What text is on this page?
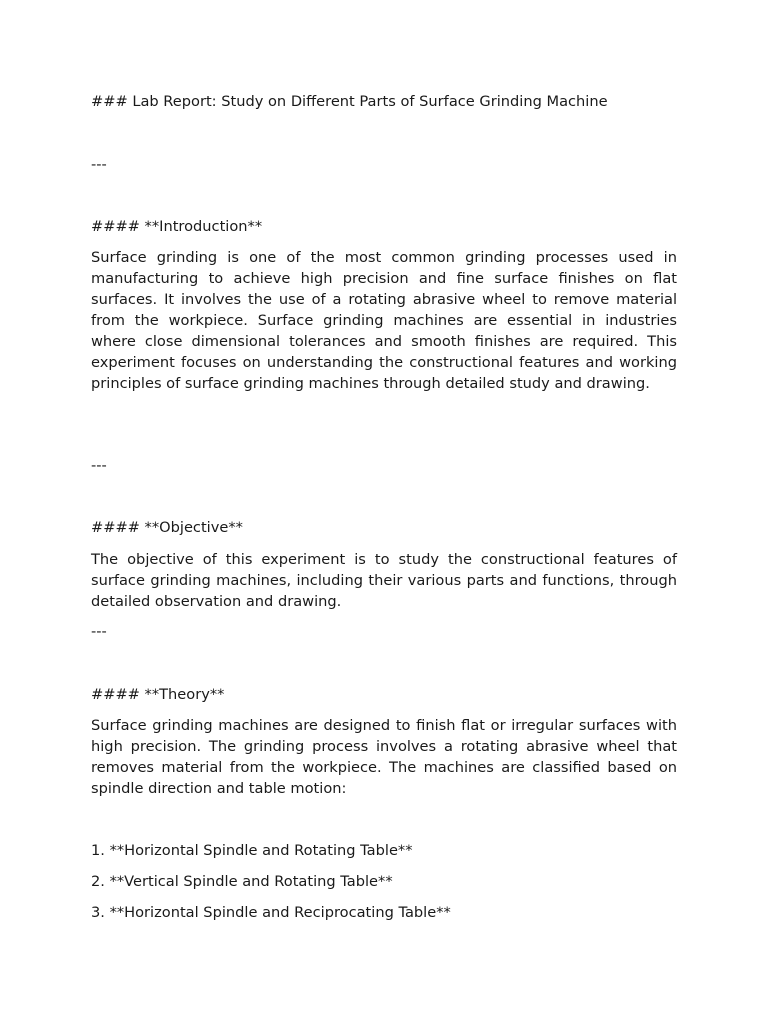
### Lab Report: Study on Different Parts of Surface Grinding Machine

---

#### **Introduction**

Surface grinding is one of the most common grinding processes used in manufacturing to achieve high precision and fine surface finishes on flat surfaces. It involves the use of a rotating abrasive wheel to remove material from the workpiece. Surface grinding machines are essential in industries where close dimensional tolerances and smooth finishes are required. This experiment focuses on understanding the constructional features and working principles of surface grinding machines through detailed study and drawing.

---

#### **Objective**

The objective of this experiment is to study the constructional features of surface grinding machines, including their various parts and functions, through detailed observation and drawing.

---

#### **Theory**

Surface grinding machines are designed to finish flat or irregular surfaces with high precision. The grinding process involves a rotating abrasive wheel that removes material from the workpiece. The machines are classified based on spindle direction and table motion:

1. **Horizontal Spindle and Rotating Table**

2. **Vertical Spindle and Rotating Table**

3. **Horizontal Spindle and Reciprocating Table**
